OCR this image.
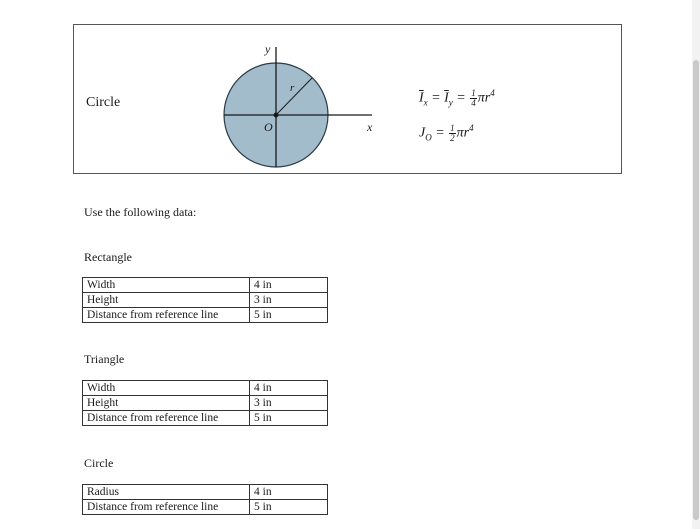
Circle
y
x
O
r
$\overline{I}_x = \overline{I}_y = \frac{1}{4} \pi r^4$
$J_O = \frac{1}{2} \pi r^4$
Use the following data:
Rectangle
Width	4 in
Height	3 in
Distance from reference line	5 in
Triangle
Width	4 in
Height	3 in
Distance from reference line	5 in
Circle
Radius	4 in
Distance from reference line	5 in
